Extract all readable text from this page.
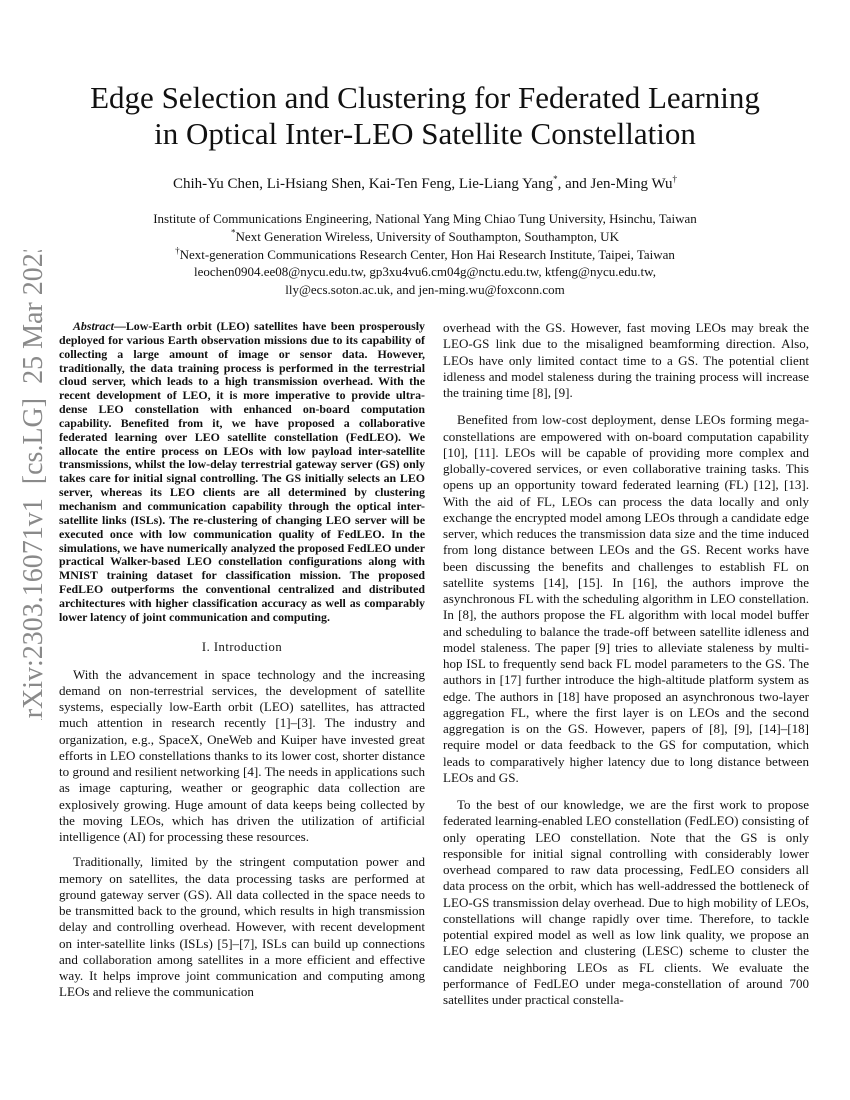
arXiv:2303.16071v1  [cs.LG]  25 Mar 2023
Edge Selection and Clustering for Federated Learning
in Optical Inter-LEO Satellite Constellation
Chih-Yu Chen, Li-Hsiang Shen, Kai-Ten Feng, Lie-Liang Yang*, and Jen-Ming Wu†
Institute of Communications Engineering, National Yang Ming Chiao Tung University, Hsinchu, Taiwan
*Next Generation Wireless, University of Southampton, Southampton, UK
†Next-generation Communications Research Center, Hon Hai Research Institute, Taipei, Taiwan
leochen0904.ee08@nycu.edu.tw, gp3xu4vu6.cm04g@nctu.edu.tw, ktfeng@nycu.edu.tw,
lly@ecs.soton.ac.uk, and jen-ming.wu@foxconn.com

Abstract—Low-Earth orbit (LEO) satellites have been prosperously deployed for various Earth observation missions due to its capability of collecting a large amount of image or sensor data. However, traditionally, the data training process is performed in the terrestrial cloud server, which leads to a high transmission overhead. With the recent development of LEO, it is more imperative to provide ultra-dense LEO constellation with enhanced on-board computation capability. Benefited from it, we have proposed a collaborative federated learning over LEO satellite constellation (FedLEO). We allocate the entire process on LEOs with low payload inter-satellite transmissions, whilst the low-delay terrestrial gateway server (GS) only takes care for initial signal controlling. The GS initially selects an LEO server, whereas its LEO clients are all determined by clustering mechanism and communication capability through the optical inter-satellite links (ISLs). The re-clustering of changing LEO server will be executed once with low communication quality of FedLEO. In the simulations, we have numerically analyzed the proposed FedLEO under practical Walker-based LEO constellation configurations along with MNIST training dataset for classification mission. The proposed FedLEO outperforms the conventional centralized and distributed architectures with higher classification accuracy as well as comparably lower latency of joint communication and computing.

I. Introduction

With the advancement in space technology and the increasing demand on non-terrestrial services, the development of satellite systems, especially low-Earth orbit (LEO) satellites, has attracted much attention in research recently [1]–[3]. The industry and organization, e.g., SpaceX, OneWeb and Kuiper have invested great efforts in LEO constellations thanks to its lower cost, shorter distance to ground and resilient networking [4]. The needs in applications such as image capturing, weather or geographic data collection are explosively growing. Huge amount of data keeps being collected by the moving LEOs, which has driven the utilization of artificial intelligence (AI) for processing these resources.

Traditionally, limited by the stringent computation power and memory on satellites, the data processing tasks are performed at ground gateway server (GS). All data collected in the space needs to be transmitted back to the ground, which results in high transmission delay and controlling overhead. However, with recent development on inter-satellite links (ISLs) [5]–[7], ISLs can build up connections and collaboration among satellites in a more efficient and effective way. It helps improve joint communication and computing among LEOs and relieve the communication

overhead with the GS. However, fast moving LEOs may break the LEO-GS link due to the misaligned beamforming direction. Also, LEOs have only limited contact time to a GS. The potential client idleness and model staleness during the training process will increase the training time [8], [9].

Benefited from low-cost deployment, dense LEOs forming mega-constellations are empowered with on-board computation capability [10], [11]. LEOs will be capable of providing more complex and globally-covered services, or even collaborative training tasks. This opens up an opportunity toward federated learning (FL) [12], [13]. With the aid of FL, LEOs can process the data locally and only exchange the encrypted model among LEOs through a candidate edge server, which reduces the transmission data size and the time induced from long distance between LEOs and the GS. Recent works have been discussing the benefits and challenges to establish FL on satellite systems [14], [15]. In [16], the authors improve the asynchronous FL with the scheduling algorithm in LEO constellation. In [8], the authors propose the FL algorithm with local model buffer and scheduling to balance the trade-off between satellite idleness and model staleness. The paper [9] tries to alleviate staleness by multi-hop ISL to frequently send back FL model parameters to the GS. The authors in [17] further introduce the high-altitude platform system as edge. The authors in [18] have proposed an asynchronous two-layer aggregation FL, where the first layer is on LEOs and the second aggregation is on the GS. However, papers of [8], [9], [14]–[18] require model or data feedback to the GS for computation, which leads to comparatively higher latency due to long distance between LEOs and GS.

To the best of our knowledge, we are the first work to propose federated learning-enabled LEO constellation (FedLEO) consisting of only operating LEO constellation. Note that the GS is only responsible for initial signal controlling with considerably lower overhead compared to raw data processing, FedLEO considers all data process on the orbit, which has well-addressed the bottleneck of LEO-GS transmission delay overhead. Due to high mobility of LEOs, constellations will change rapidly over time. Therefore, to tackle potential expired model as well as low link quality, we propose an LEO edge selection and clustering (LESC) scheme to cluster the candidate neighboring LEOs as FL clients. We evaluate the performance of FedLEO under mega-constellation of around 700 satellites under practical constella-
